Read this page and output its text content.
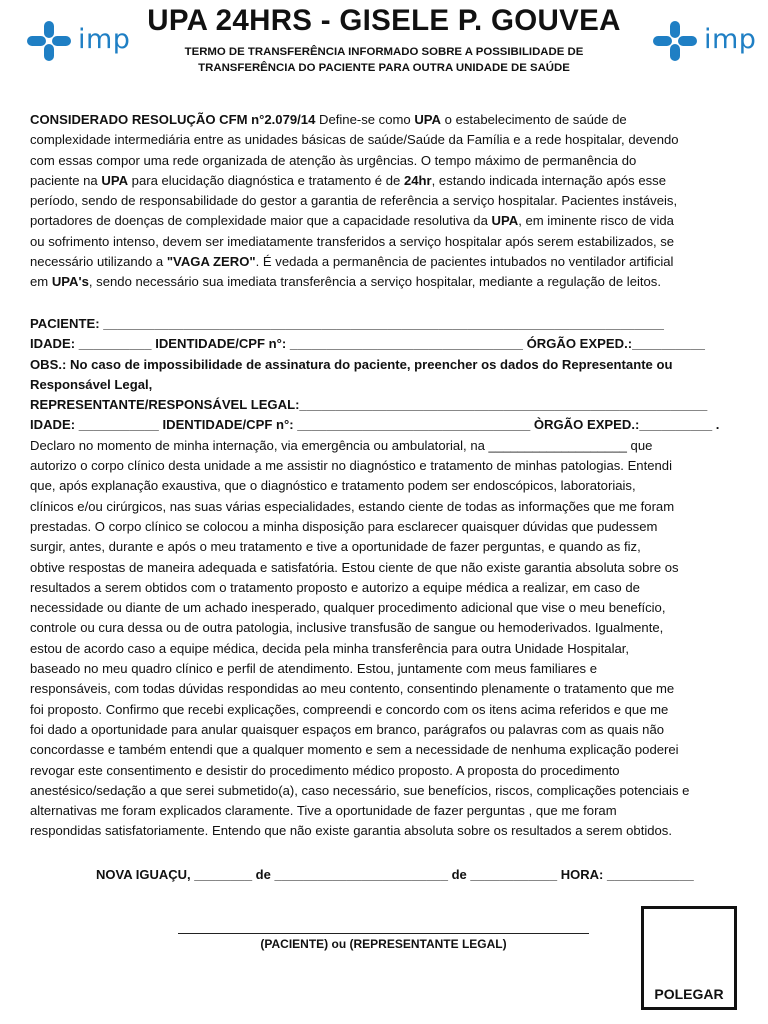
imp	imp
UPA 24HRS - GISELE P. GOUVEA
TERMO DE TRANSFERÊNCIA INFORMADO SOBRE A POSSIBILIDADE DE
TRANSFERÊNCIA DO PACIENTE PARA OUTRA UNIDADE DE SAÚDE
CONSIDERADO RESOLUÇÃO CFM n°2.079/14 Define-se como UPA o estabelecimento de saúde de
complexidade intermediária entre as unidades básicas de saúde/Saúde da Família e a rede hospitalar, devendo
com essas compor uma rede organizada de atenção às urgências. O tempo máximo de permanência do
paciente na UPA para elucidação diagnóstica e tratamento é de 24hr, estando indicada internação após esse
período, sendo de responsabilidade do gestor a garantia de referência a serviço hospitalar. Pacientes instáveis,
portadores de doenças de complexidade maior que a capacidade resolutiva da UPA, em iminente risco de vida
ou sofrimento intenso, devem ser imediatamente transferidos a serviço hospitalar após serem estabilizados, se
necessário utilizando a "VAGA ZERO". É vedada a permanência de pacientes intubados no ventilador artificial
em UPA's, sendo necessário sua imediata transferência a serviço hospitalar, mediante a regulação de leitos.
PACIENTE: _____________________________________________________________________________
IDADE: __________ IDENTIDADE/CPF n°: ________________________________ ÓRGÃO EXPED.:__________
OBS.: No caso de impossibilidade de assinatura do paciente, preencher os dados do Representante ou
Responsável Legal,
REPRESENTANTE/RESPONSÁVEL LEGAL:________________________________________________________
IDADE: ___________ IDENTIDADE/CPF n°: ________________________________ ÒRGÃO EXPED.:__________ .
Declaro no momento de minha internação, via emergência ou ambulatorial, na ___________________ que
autorizo o corpo clínico desta unidade a me assistir no diagnóstico e tratamento de minhas patologias. Entendi
que, após explanação exaustiva, que o diagnóstico e tratamento podem ser endoscópicos, laboratoriais,
clínicos e/ou cirúrgicos, nas suas várias especialidades, estando ciente de todas as informações que me foram
prestadas. O corpo clínico se colocou a minha disposição para esclarecer quaisquer dúvidas que pudessem
surgir, antes, durante e após o meu tratamento e tive a oportunidade de fazer perguntas, e quando as fiz,
obtive respostas de maneira adequada e satisfatória. Estou ciente de que não existe garantia absoluta sobre os
resultados a serem obtidos com o tratamento proposto e autorizo a equipe médica a realizar, em caso de
necessidade ou diante de um achado inesperado, qualquer procedimento adicional que vise o meu benefício,
controle ou cura dessa ou de outra patologia, inclusive transfusão de sangue ou hemoderivados. Igualmente,
estou de acordo caso a equipe médica, decida pela minha transferência para outra Unidade Hospitalar,
baseado no meu quadro clínico e perfil de atendimento. Estou, juntamente com meus familiares e
responsáveis, com todas dúvidas respondidas ao meu contento, consentindo plenamente o tratamento que me
foi proposto. Confirmo que recebi explicações, compreendi e concordo com os itens acima referidos e que me
foi dado a oportunidade para anular quaisquer espaços em branco, parágrafos ou palavras com as quais não
concordasse e também entendi que a qualquer momento e sem a necessidade de nenhuma explicação poderei
revogar este consentimento e desistir do procedimento médico proposto. A proposta do procedimento
anestésico/sedação a que serei submetido(a), caso necessário, sue benefícios, riscos, complicações potenciais e
alternativas me foram explicados claramente. Tive a oportunidade de fazer perguntas , que me foram
respondidas satisfatoriamente. Entendo que não existe garantia absoluta sobre os resultados a serem obtidos.
NOVA IGUAÇU, ________ de ________________________ de ____________ HORA: ____________
(PACIENTE) ou (REPRESENTANTE LEGAL)
POLEGAR
